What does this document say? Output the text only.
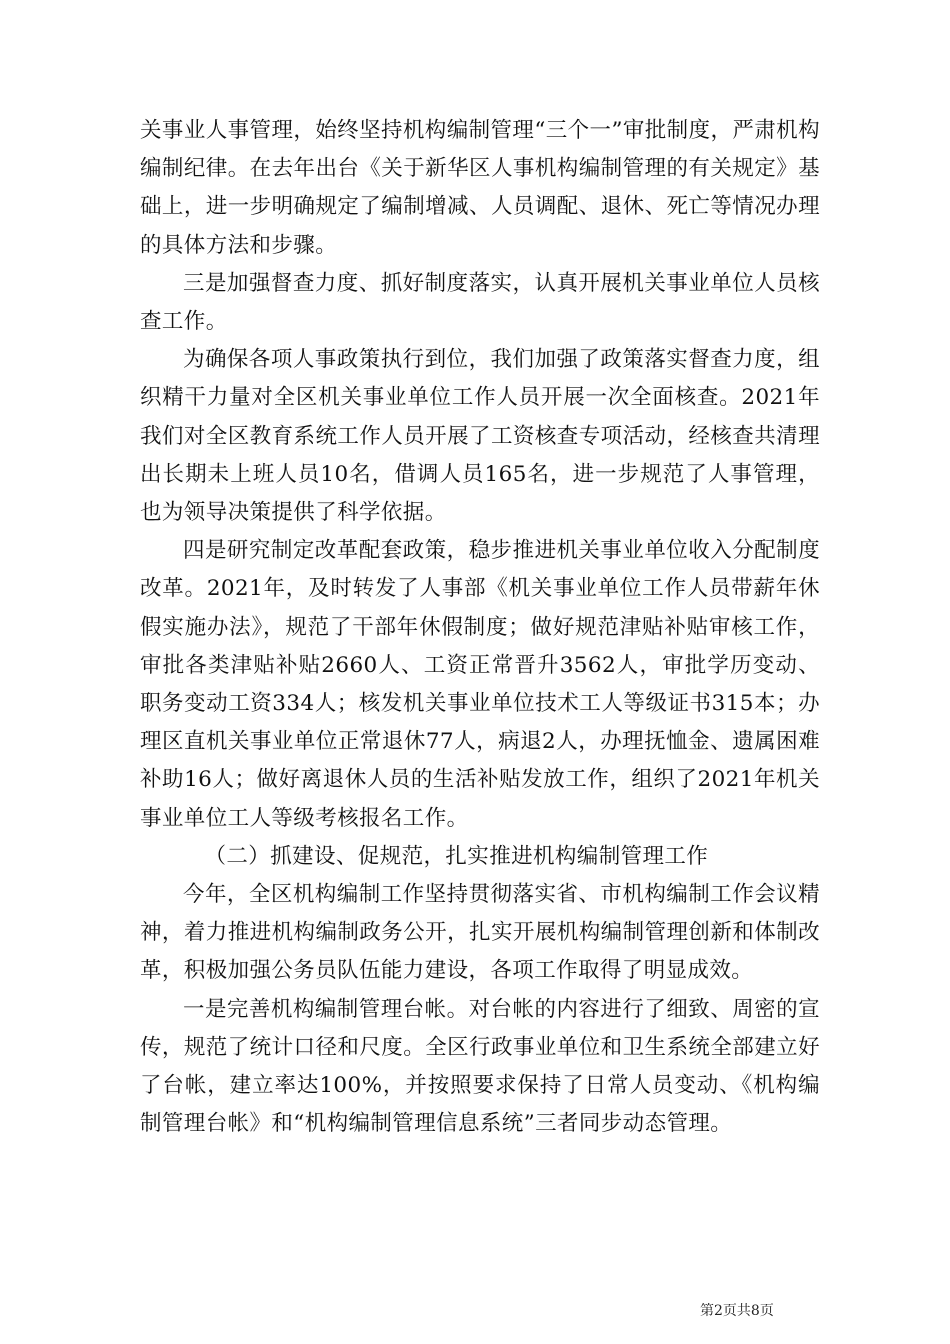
关事业人事管理，始终坚持机构编制管理“三个一”审批制度，严肃机构编制纪律。在去年出台《关于新华区人事机构编制管理的有关规定》基础上，进一步明确规定了编制增减、人员调配、退休、死亡等情况办理的具体方法和步骤。

三是加强督查力度、抓好制度落实，认真开展机关事业单位人员核查工作。

为确保各项人事政策执行到位，我们加强了政策落实督查力度，组织精干力量对全区机关事业单位工作人员开展一次全面核查。2021年我们对全区教育系统工作人员开展了工资核查专项活动，经核查共清理出长期未上班人员10名，借调人员165名，进一步规范了人事管理，也为领导决策提供了科学依据。

四是研究制定改革配套政策，稳步推进机关事业单位收入分配制度改革。2021年，及时转发了人事部《机关事业单位工作人员带薪年休假实施办法》，规范了干部年休假制度；做好规范津贴补贴审核工作，审批各类津贴补贴2660人、工资正常晋升3562人，审批学历变动、职务变动工资334人；核发机关事业单位技术工人等级证书315本；办理区直机关事业单位正常退休77人，病退2人，办理抚恤金、遗属困难补助16人；做好离退休人员的生活补贴发放工作，组织了2021年机关事业单位工人等级考核报名工作。

（二）抓建设、促规范，扎实推进机构编制管理工作

今年，全区机构编制工作坚持贯彻落实省、市机构编制工作会议精神，着力推进机构编制政务公开，扎实开展机构编制管理创新和体制改革，积极加强公务员队伍能力建设，各项工作取得了明显成效。

一是完善机构编制管理台帐。对台帐的内容进行了细致、周密的宣传，规范了统计口径和尺度。全区行政事业单位和卫生系统全部建立好了台帐，建立率达100%，并按照要求保持了日常人员变动、《机构编制管理台帐》和“机构编制管理信息系统”三者同步动态管理。

第2页共8页
